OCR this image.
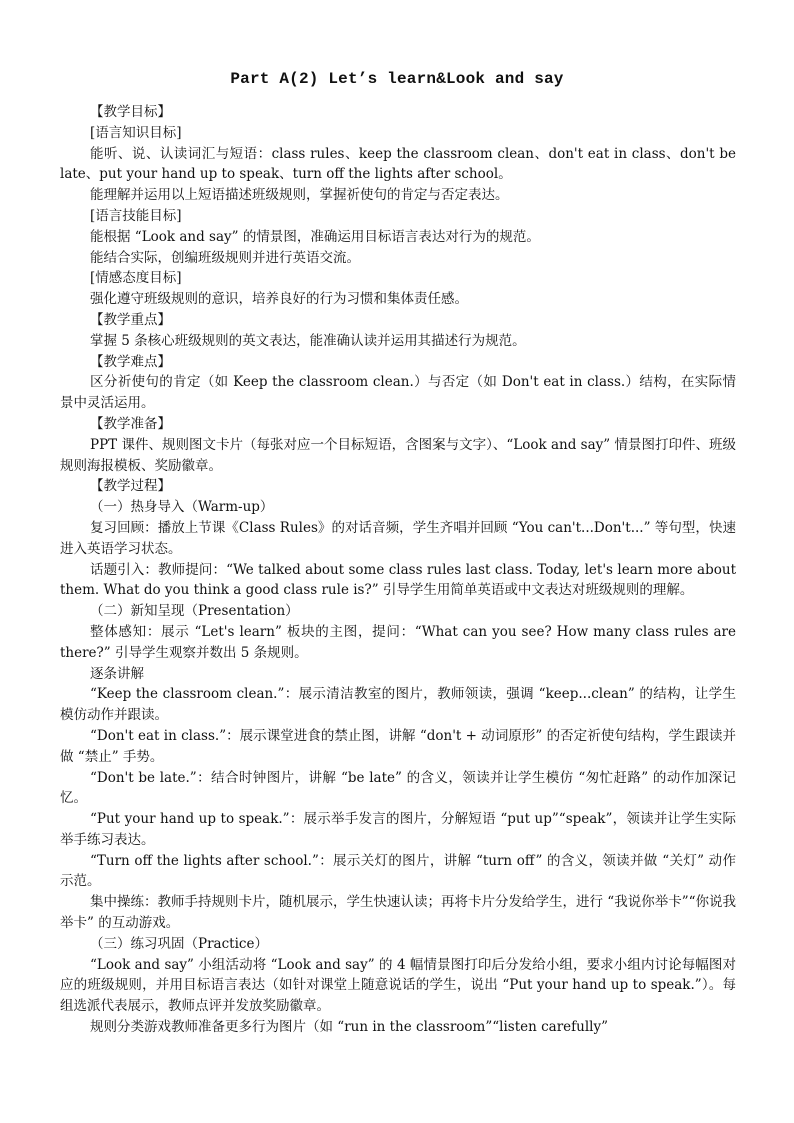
Part A(2) Let’s learn&Look and say

【教学目标】

[语言知识目标]

能听、说、认读词汇与短语：class rules、keep the classroom clean、don't eat in class、don't be late、put your hand up to speak、turn off the lights after school。

能理解并运用以上短语描述班级规则，掌握祈使句的肯定与否定表达。

[语言技能目标]

能根据 “Look and say” 的情景图，准确运用目标语言表达对行为的规范。

能结合实际，创编班级规则并进行英语交流。

[情感态度目标]

强化遵守班级规则的意识，培养良好的行为习惯和集体责任感。

【教学重点】

掌握 5 条核心班级规则的英文表达，能准确认读并运用其描述行为规范。

【教学难点】

区分祈使句的肯定（如 Keep the classroom clean.）与否定（如 Don't eat in class.）结构，在实际情景中灵活运用。

【教学准备】

PPT 课件、规则图文卡片（每张对应一个目标短语，含图案与文字）、“Look and say” 情景图打印件、班级规则海报模板、奖励徽章。

【教学过程】

（一）热身导入（Warm-up）

复习回顾：播放上节课《Class Rules》的对话音频，学生齐唱并回顾 “You can't...Don't...” 等句型，快速进入英语学习状态。

话题引入：教师提问：“We talked about some class rules last class. Today, let's learn more about them. What do you think a good class rule is?” 引导学生用简单英语或中文表达对班级规则的理解。

（二）新知呈现（Presentation）

整体感知：展示 “Let's learn” 板块的主图，提问：“What can you see? How many class rules are there?” 引导学生观察并数出 5 条规则。

逐条讲解

“Keep the classroom clean.”：展示清洁教室的图片，教师领读，强调 “keep...clean” 的结构，让学生模仿动作并跟读。

“Don't eat in class.”：展示课堂进食的禁止图，讲解 “don't + 动词原形” 的否定祈使句结构，学生跟读并做 “禁止” 手势。

“Don't be late.”：结合时钟图片，讲解 “be late” 的含义，领读并让学生模仿 “匆忙赶路” 的动作加深记忆。

“Put your hand up to speak.”：展示举手发言的图片，分解短语 “put up”“speak”，领读并让学生实际举手练习表达。

“Turn off the lights after school.”：展示关灯的图片，讲解 “turn off” 的含义，领读并做 “关灯” 动作示范。

集中操练：教师手持规则卡片，随机展示，学生快速认读；再将卡片分发给学生，进行 “我说你举卡”“你说我举卡” 的互动游戏。

（三）练习巩固（Practice）

“Look and say” 小组活动将 “Look and say” 的 4 幅情景图打印后分发给小组，要求小组内讨论每幅图对应的班级规则，并用目标语言表达（如针对课堂上随意说话的学生，说出 “Put your hand up to speak.”）。每组选派代表展示，教师点评并发放奖励徽章。

规则分类游戏教师准备更多行为图片（如 “run in the classroom”“listen carefully”
